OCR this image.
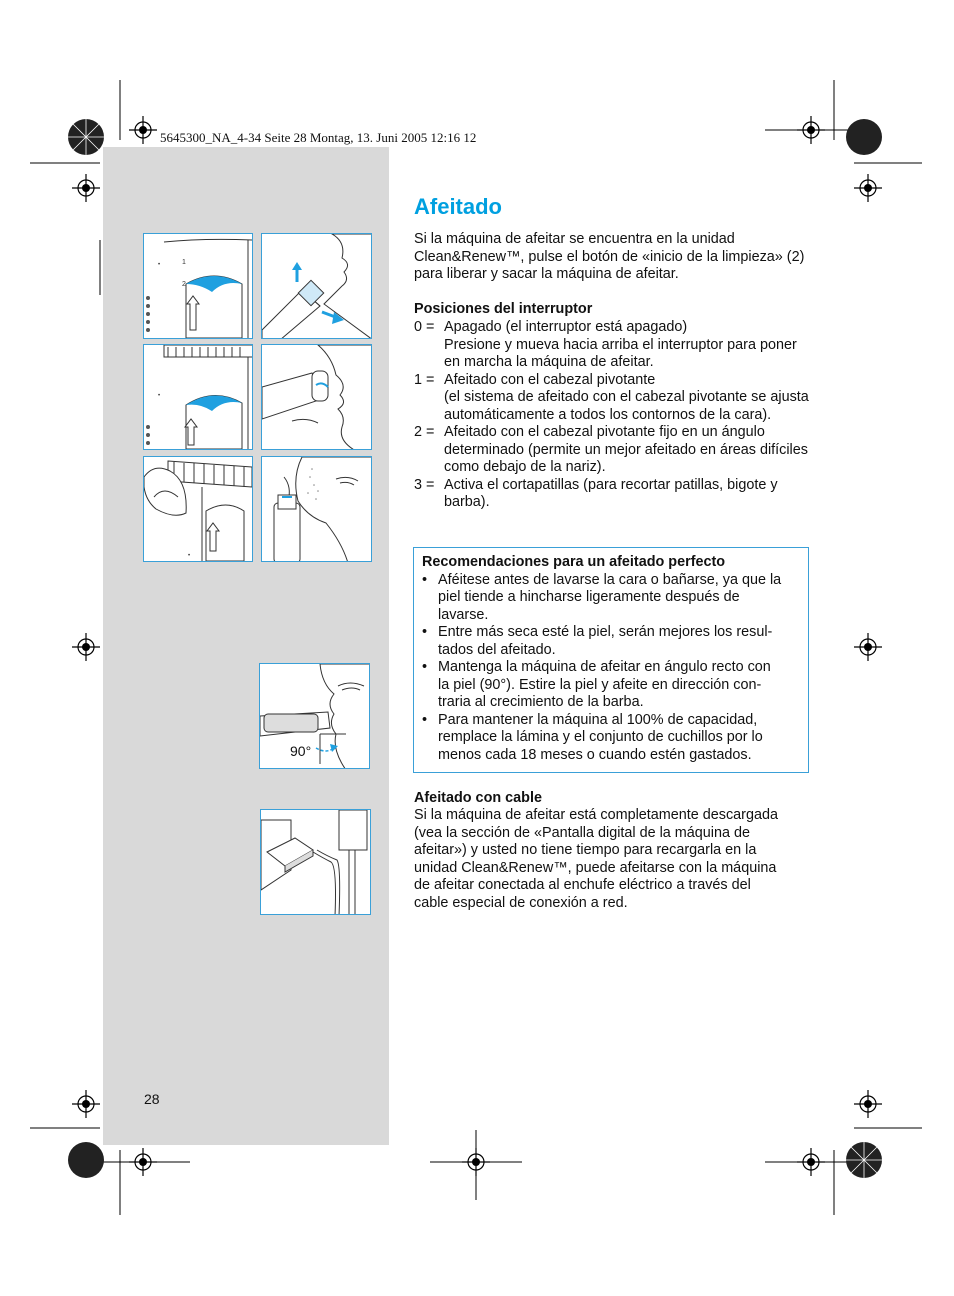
5645300_NA_4-34 Seite 28 Montag, 13. Juni 2005 12:16 12
•	1
2
•
•
90°
Afeitado
Si la máquina de afeitar se encuentra en la unidad Clean&Renew™, pulse el botón de «inicio de la limpieza» (2) para liberar y sacar la máquina de afeitar.
Posiciones del interruptor
0 = Apagado (el interruptor está apagado)
Presione y mueva hacia arriba el interruptor para poner en marcha la máquina de afeitar.
1 = Afeitado con el cabezal pivotante
(el sistema de afeitado con el cabezal pivotante se ajusta automáticamente a todos los contornos de la cara).
2 = Afeitado con el cabezal pivotante fijo en un ángulo determinado (permite un mejor afeitado en áreas difíciles como debajo de la nariz).
3 = Activa el cortapatillas (para recortar patillas, bigote y barba).
Recomendaciones para un afeitado perfecto
• Aféitese antes de lavarse la cara o bañarse, ya que la
piel tiende a hincharse ligeramente después de
lavarse.
• Entre más seca esté la piel, serán mejores los resul-
tados del afeitado.
• Mantenga la máquina de afeitar en ángulo recto con
la piel (90°). Estire la piel y afeite en dirección con-
traria al crecimiento de la barba.
• Para mantener la máquina al 100% de capacidad,
remplace la lámina y el conjunto de cuchillos por lo
menos cada 18 meses o cuando estén gastados.
Afeitado con cable
Si la máquina de afeitar está completamente descargada
(vea la sección de «Pantalla digital de la máquina de
afeitar») y usted no tiene tiempo para recargarla en la
unidad Clean&Renew™, puede afeitarse con la máquina
de afeitar conectada al enchufe eléctrico a través del
cable especial de conexión a red.
28
